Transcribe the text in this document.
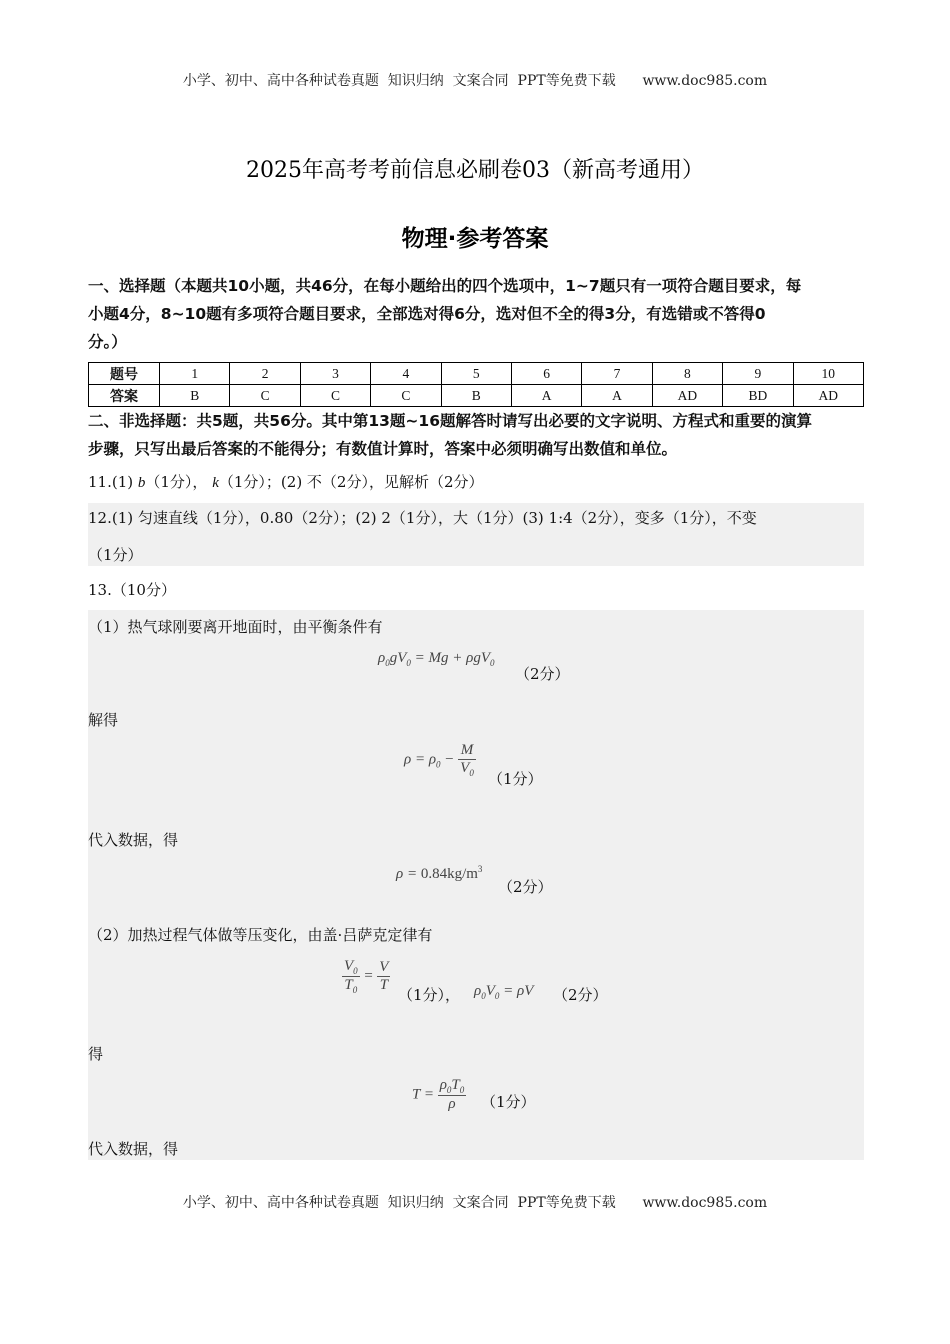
小学、初中、高中各种试卷真题  知识归纳  文案合同  PPT等免费下载 www.doc985.com
2025年高考考前信息必刷卷03（新高考通用）
物理·参考答案
一、选择题（本题共10小题，共46分，在每小题给出的四个选项中，1~7题只有一项符合题目要求，每
小题4分，8~10题有多项符合题目要求，全部选对得6分，选对但不全的得3分，有选错或不答得0
分。）
题号	1	2	3	4	5	6	7	8	9	10
答案	B	C	C	C	B	A	A	AD	BD	AD
二、非选择题：共5题，共56分。其中第13题~16题解答时请写出必要的文字说明、方程式和重要的演算
步骤，只写出最后答案的不能得分；有数值计算时，答案中必须明确写出数值和单位。
11.(1) b（1分）， k（1分）；(2) 不（2分），见解析（2分）
12.(1) 匀速直线（1分），0.80（2分）；(2) 2（1分），大（1分）(3) 1:4（2分），变多（1分），不变
（1分）
13.（10分）
（1）热气球刚要离开地面时，由平衡条件有
$\rho_0gV_0 = Mg + \rho gV_0$
（2分）
解得
$\rho = \rho_0 - \frac{M}{V_0}$
（1分）
代入数据，得
$\rho = 0.84kg/m^3$
（2分）
（2）加热过程气体做等压变化，由盖·吕萨克定律有
$\frac{V_0}{T_0} = \frac{V}{T}$
（1分）， $\rho_0V_0 = \rho V$ （2分）
得
$T = \frac{\rho_0T_0}{\rho} (1$分）
代入数据，得
小学、初中、高中各种试卷真题  知识归纳  文案合同  PPT等免费下载 www.doc985.com
